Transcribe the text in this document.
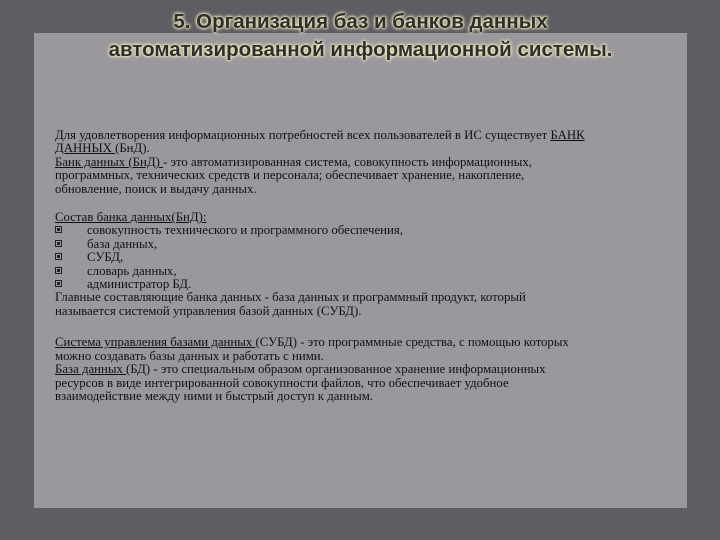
5. Организация баз и банков данных
автоматизированной информационной системы.
Для удовлетворения информационных потребностей всех пользователей в ИС существует БАНК
ДАННЫХ (БнД).
Банк данных (БнД) - это автоматизированная система, совокупность информационных,
программных, технических средств и персонала; обеспечивает хранение, накопление,
обновление, поиск и выдачу данных.
Состав банка данных(БнД):
совокупность технического и программного обеспечения,
база данных,
СУБД,
словарь данных,
администратор БД.
Главные составляющие банка данных - база данных и программный продукт, который
называется системой управления базой данных (СУБД).
Система управления базами данных (СУБД) - это программные средства, с помощью которых
можно создавать базы данных и работать с ними.
База данных (БД) - это специальным образом организованное хранение информационных
ресурсов в виде интегрированной совокупности файлов, что обеспечивает удобное
взаимодействие между ними и быстрый доступ к данным.
